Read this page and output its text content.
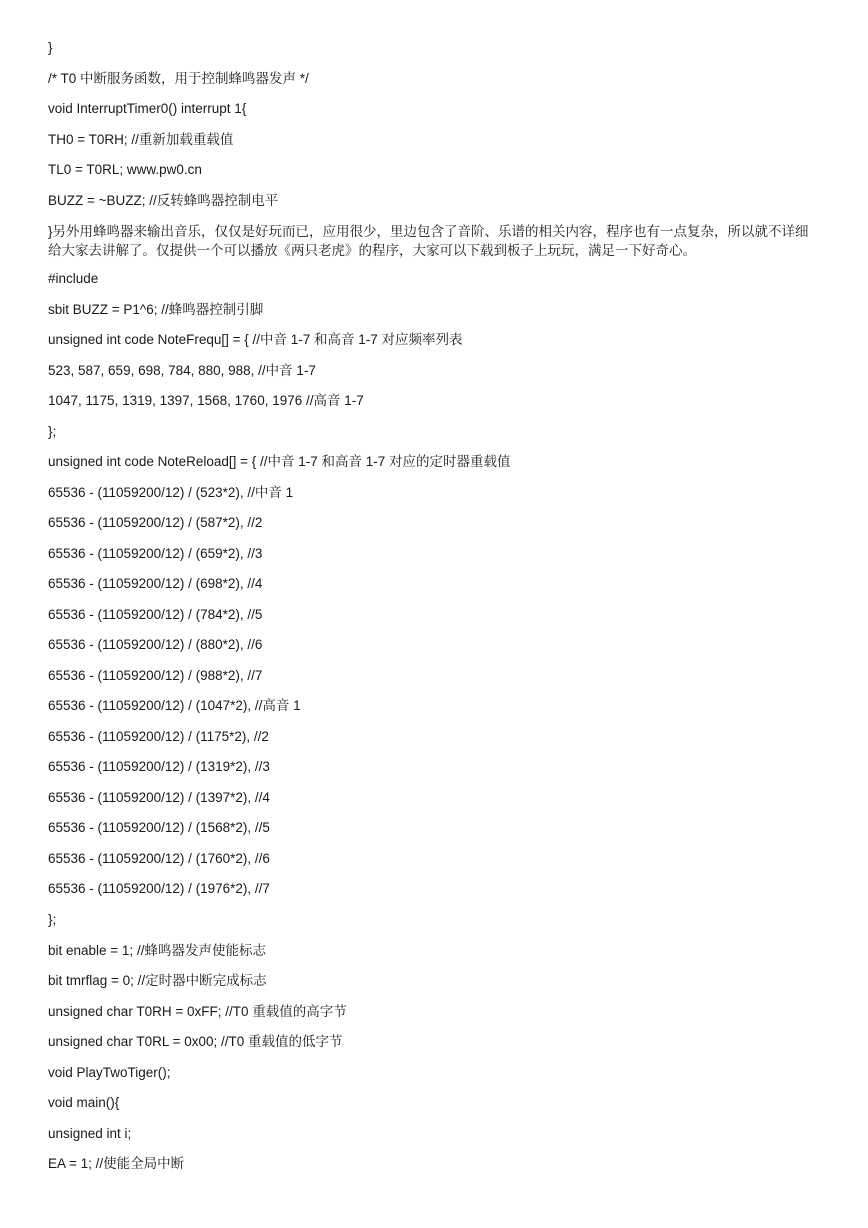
}
/* T0 中断服务函数，用于控制蜂鸣器发声 */
void InterruptTimer0() interrupt 1{
TH0 = T0RH; //重新加载重载值
TL0 = T0RL; www.pw0.cn
BUZZ = ~BUZZ; //反转蜂鸣器控制电平
}另外用蜂鸣器来输出音乐，仅仅是好玩而已，应用很少，里边包含了音阶、乐谱的相关内容，程序也有一点复杂，所以就不详细给大家去讲解了。仅提供一个可以播放《两只老虎》的程序，大家可以下载到板子上玩玩，满足一下好奇心。
#include
sbit BUZZ = P1^6; //蜂鸣器控制引脚
unsigned int code NoteFrequ[] = { //中音 1-7 和高音 1-7 对应频率列表
523, 587, 659, 698, 784, 880, 988, //中音 1-7
1047, 1175, 1319, 1397, 1568, 1760, 1976 //高音 1-7
};
unsigned int code NoteReload[] = { //中音 1-7 和高音 1-7 对应的定时器重载值
65536 - (11059200/12) / (523*2), //中音 1
65536 - (11059200/12) / (587*2), //2
65536 - (11059200/12) / (659*2), //3
65536 - (11059200/12) / (698*2), //4
65536 - (11059200/12) / (784*2), //5
65536 - (11059200/12) / (880*2), //6
65536 - (11059200/12) / (988*2), //7
65536 - (11059200/12) / (1047*2), //高音 1
65536 - (11059200/12) / (1175*2), //2
65536 - (11059200/12) / (1319*2), //3
65536 - (11059200/12) / (1397*2), //4
65536 - (11059200/12) / (1568*2), //5
65536 - (11059200/12) / (1760*2), //6
65536 - (11059200/12) / (1976*2), //7
};
bit enable = 1; //蜂鸣器发声使能标志
bit tmrflag = 0; //定时器中断完成标志
unsigned char T0RH = 0xFF; //T0 重载值的高字节
unsigned char T0RL = 0x00; //T0 重载值的低字节
void PlayTwoTiger();
void main(){
unsigned int i;
EA = 1; //使能全局中断
